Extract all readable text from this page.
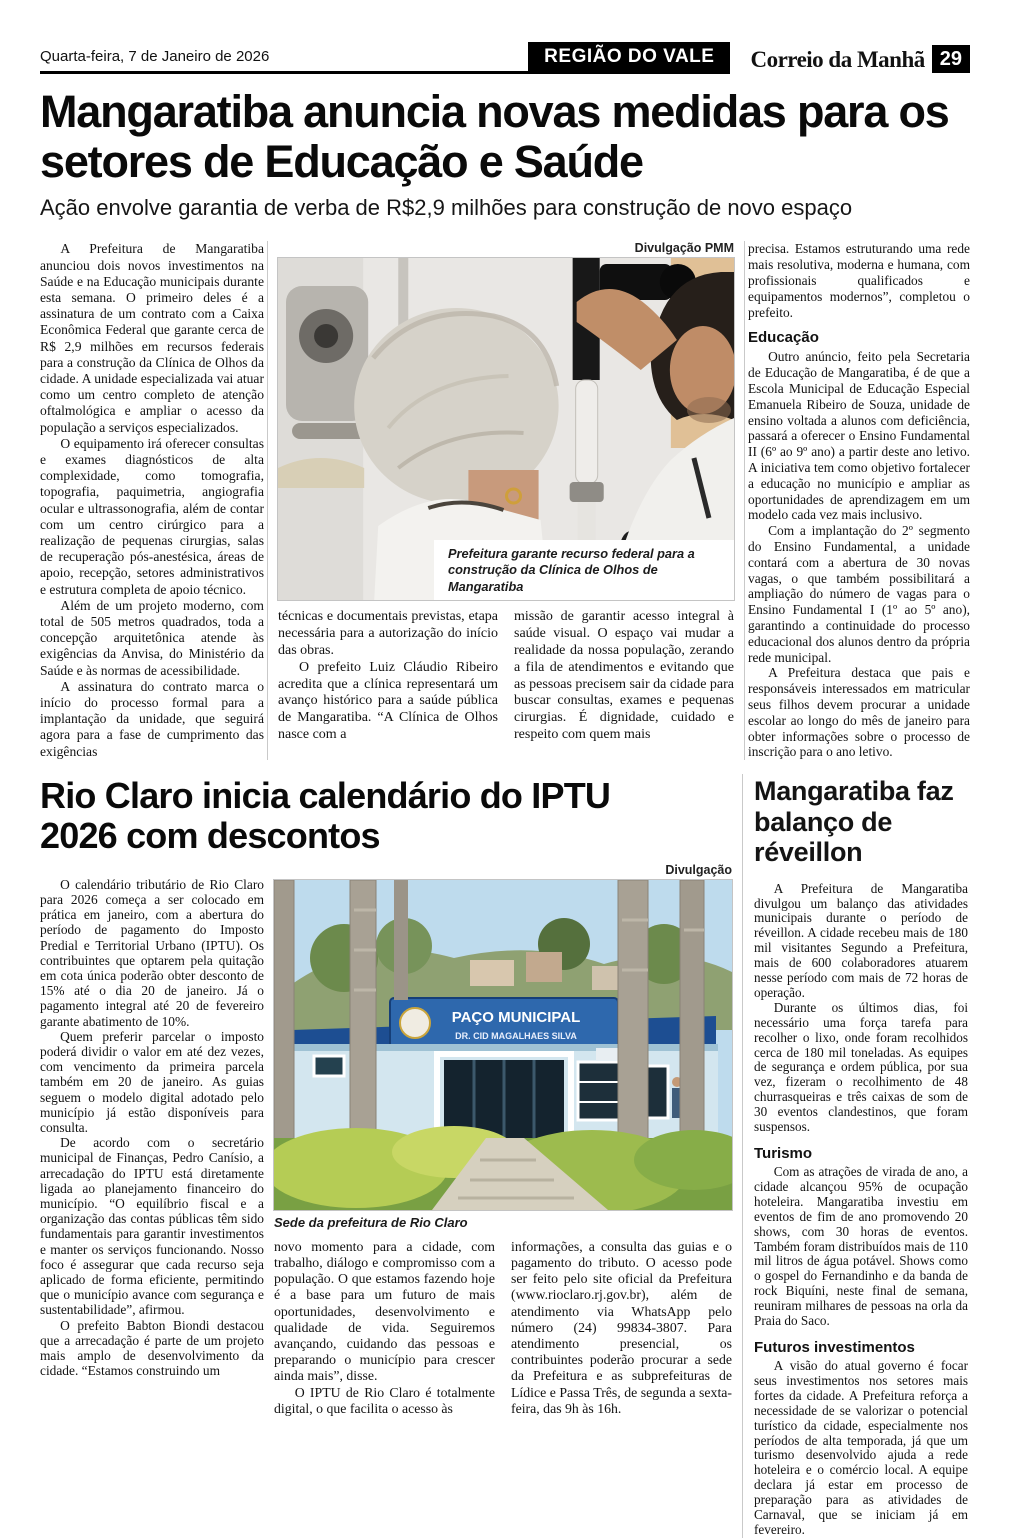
Quarta-feira, 7 de Janeiro de 2026	REGIÃO DO VALE	Correio da Manhã 29
Mangaratiba anuncia novas medidas para os setores de Educação e Saúde
Ação envolve garantia de verba de R$2,9 milhões para construção de novo espaço

A Prefeitura de Mangaratiba anunciou dois novos investimentos na Saúde e na Educação municipais durante esta semana. O primeiro deles é a assinatura de um contrato com a Caixa Econômica Federal que garante cerca de R$ 2,9 milhões em recursos federais para a construção da Clínica de Olhos da cidade. A unidade especializada vai atuar como um centro completo de atenção oftalmológica e ampliar o acesso da população a serviços especializados.

O equipamento irá oferecer consultas e exames diagnósticos de alta complexidade, como tomografia, topografia, paquimetria, angiografia ocular e ultrassonografia, além de contar com um centro cirúrgico para a realização de pequenas cirurgias, salas de recuperação pós-anestésica, áreas de apoio, recepção, setores administrativos e estrutura completa de apoio técnico.

Além de um projeto moderno, com total de 505 metros quadrados, toda a concepção arquitetônica atende às exigências da Anvisa, do Ministério da Saúde e às normas de acessibilidade.

A assinatura do contrato marca o início do processo formal para a implantação da unidade, que seguirá agora para a fase de cumprimento das exigências

Divulgação PMM
Prefeitura garante recurso federal para a construção da Clínica de Olhos de Mangaratiba

técnicas e documentais previstas, etapa necessária para a autorização do início das obras.

O prefeito Luiz Cláudio Ribeiro acredita que a clínica representará um avanço histórico para a saúde pública de Mangaratiba. “A Clínica de Olhos nasce com a

missão de garantir acesso integral à saúde visual. O espaço vai mudar a realidade da nossa população, zerando a fila de atendimentos e evitando que as pessoas precisem sair da cidade para buscar consultas, exames e pequenas cirurgias. É dignidade, cuidado e respeito com quem mais

precisa. Estamos estruturando uma rede mais resolutiva, moderna e humana, com profissionais qualificados e equipamentos modernos”, completou o prefeito.

Educação

Outro anúncio, feito pela Secretaria de Educação de Mangaratiba, é de que a Escola Municipal de Educação Especial Emanuela Ribeiro de Souza, unidade de ensino voltada a alunos com deficiência, passará a oferecer o Ensino Fundamental II (6º ao 9º ano) a partir deste ano letivo. A iniciativa tem como objetivo fortalecer a educação no município e ampliar as oportunidades de aprendizagem em um modelo cada vez mais inclusivo.

Com a implantação do 2º segmento do Ensino Fundamental, a unidade contará com a abertura de 30 novas vagas, o que também possibilitará a ampliação do número de vagas para o Ensino Fundamental I (1º ao 5º ano), garantindo a continuidade do processo educacional dos alunos dentro da própria rede municipal.

A Prefeitura destaca que pais e responsáveis interessados em matricular seus filhos devem procurar a unidade escolar ao longo do mês de janeiro para obter informações sobre o processo de inscrição para o ano letivo.

Rio Claro inicia calendário do IPTU 2026 com descontos

O calendário tributário de Rio Claro para 2026 começa a ser colocado em prática em janeiro, com a abertura do período de pagamento do Imposto Predial e Territorial Urbano (IPTU). Os contribuintes que optarem pela quitação em cota única poderão obter desconto de 15% até o dia 20 de janeiro. Já o pagamento integral até 20 de fevereiro garante abatimento de 10%.

Quem preferir parcelar o imposto poderá dividir o valor em até dez vezes, com vencimento da primeira parcela também em 20 de janeiro. As guias seguem o modelo digital adotado pelo município já estão disponíveis para consulta.

De acordo com o secretário municipal de Finanças, Pedro Canísio, a arrecadação do IPTU está diretamente ligada ao planejamento financeiro do município. “O equilíbrio fiscal e a organização das contas públicas têm sido fundamentais para garantir investimentos e manter os serviços funcionando. Nosso foco é assegurar que cada recurso seja aplicado de forma eficiente, permitindo que o município avance com segurança e sustentabilidade”, afirmou.

O prefeito Babton Biondi destacou que a arrecadação é parte de um projeto mais amplo de desenvolvimento da cidade. “Estamos construindo um

Divulgação
PAÇO MUNICIPAL
DR. CID MAGALHAES SILVA
Sede da prefeitura de Rio Claro

novo momento para a cidade, com trabalho, diálogo e compromisso com a população. O que estamos fazendo hoje é a base para um futuro de mais oportunidades, desenvolvimento e qualidade de vida. Seguiremos avançando, cuidando das pessoas e preparando o município para crescer ainda mais”, disse.

O IPTU de Rio Claro é totalmente digital, o que facilita o acesso às

informações, a consulta das guias e o pagamento do tributo. O acesso pode ser feito pelo site oficial da Prefeitura (www.rioclaro.rj.gov.br), além de atendimento via WhatsApp pelo número (24) 99834-3807. Para atendimento presencial, os contribuintes poderão procurar a sede da Prefeitura e as subprefeituras de Lídice e Passa Três, de segunda a sexta-feira, das 9h às 16h.

Mangaratiba faz balanço de réveillon

A Prefeitura de Mangaratiba divulgou um balanço das atividades municipais durante o período de réveillon. A cidade recebeu mais de 180 mil visitantes Segundo a Prefeitura, mais de 600 colaboradores atuarem nesse período com mais de 72 horas de operação.

Durante os últimos dias, foi necessário uma força tarefa para recolher o lixo, onde foram recolhidos cerca de 180 mil toneladas. As equipes de segurança e ordem pública, por sua vez, fizeram o recolhimento de 48 churrasqueiras e três caixas de som de 30 eventos clandestinos, que foram suspensos.

Turismo

Com as atrações de virada de ano, a cidade alcançou 95% de ocupação hoteleira. Mangaratiba investiu em eventos de fim de ano promovendo 20 shows, com 30 horas de eventos. Também foram distribuídos mais de 110 mil litros de água potável. Shows como o gospel do Fernandinho e da banda de rock Biquíni, neste final de semana, reuniram milhares de pessoas na orla da Praia do Saco.

Futuros investimentos

A visão do atual governo é focar seus investimentos nos setores mais fortes da cidade. A Prefeitura reforça a necessidade de se valorizar o potencial turístico da cidade, especialmente nos períodos de alta temporada, já que um turismo desenvolvido ajuda a rede hoteleira e o comércio local. A equipe declara já estar em processo de preparação para as atividades de Carnaval, que se iniciam já em fevereiro.
